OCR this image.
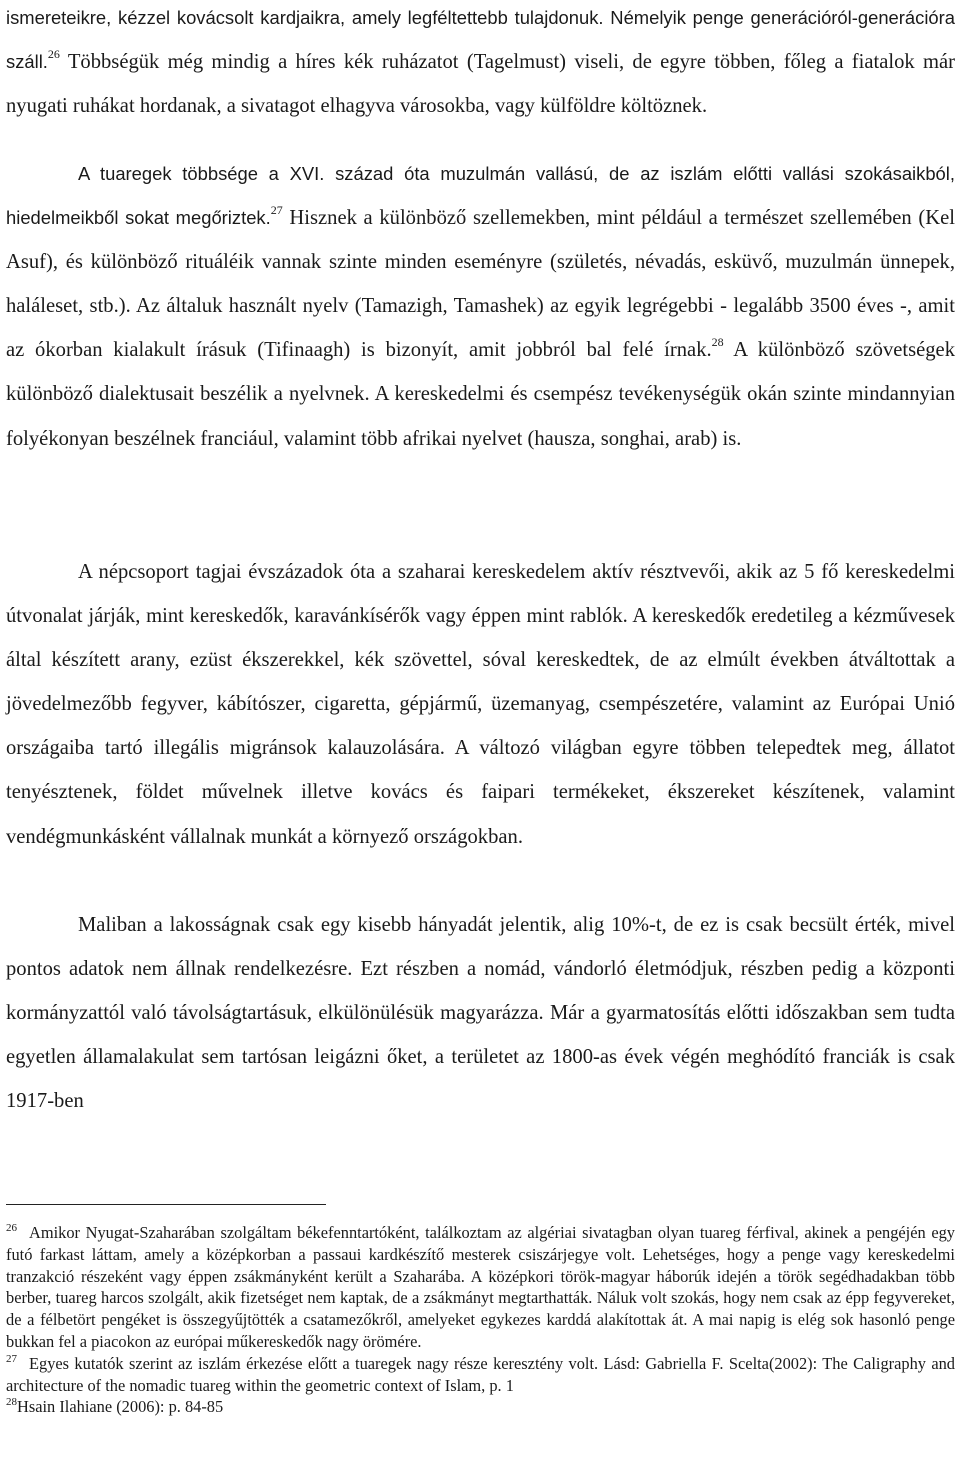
ismereteikre, kézzel kovácsolt kardjaikra, amely legféltettebb tulajdonuk. Némelyik penge generációról-generációra száll.$^{26}$ Többségük még mindig a híres kék ruházatot (Tagelmust) viseli, de egyre többen, főleg a fiatalok már nyugati ruhákat hordanak, a sivatagot elhagyva városokba, vagy külföldre költöznek.

A tuaregek többsége a XVI. század óta muzulmán vallású, de az iszlám előtti vallási szokásaikból, hiedelmeikből sokat megőriztek.$^{27}$ Hisznek a különböző szellemekben, mint például a természet szellemében (Kel Asuf), és különböző rituáléik vannak szinte minden eseményre (születés, névadás, esküvő, muzulmán ünnepek, haláleset, stb.). Az általuk használt nyelv (Tamazigh, Tamashek) az egyik legrégebbi - legalább 3500 éves -, amit az ókorban kialakult írásuk (Tifinaagh) is bizonyít, amit jobbról bal felé írnak.$^{28}$ A különböző szövetségek különböző dialektusait beszélik a nyelvnek. A kereskedelmi és csempész tevékenységük okán szinte mindannyian folyékonyan beszélnek franciául, valamint több afrikai nyelvet (hausza, songhai, arab) is.

A népcsoport tagjai évszázadok óta a szaharai kereskedelem aktív résztvevői, akik az 5 fő kereskedelmi útvonalat járják, mint kereskedők, karavánkísérők vagy éppen mint rablók. A kereskedők eredetileg a kézművesek által készített arany, ezüst ékszerekkel, kék szövettel, sóval kereskedtek, de az elmúlt években átváltottak a jövedelmezőbb fegyver, kábítószer, cigaretta, gépjármű, üzemanyag, csempészetére, valamint az Európai Unió országaiba tartó illegális migránsok kalauzolására. A változó világban egyre többen telepedtek meg, állatot tenyésztenek, földet művelnek illetve kovács és faipari termékeket, ékszereket készítenek, valamint vendégmunkásként vállalnak munkát a környező országokban.

Maliban a lakosságnak csak egy kisebb hányadát jelentik, alig 10%-t, de ez is csak becsült érték, mivel pontos adatok nem állnak rendelkezésre. Ezt részben a nomád, vándorló életmódjuk, részben pedig a központi kormányzattól való távolságtartásuk, elkülönülésük magyarázza. Már a gyarmatosítás előtti időszakban sem tudta egyetlen államalakulat sem tartósan leigázni őket, a területet az 1800-as évek végén meghódító franciák is csak 1917-ben

$^{26}$ Amikor Nyugat-Szaharában szolgáltam békefenntartóként, találkoztam az algériai sivatagban olyan tuareg férfival, akinek a pengéjén egy futó farkast láttam, amely a középkorban a passaui kardkészítő mesterek csiszárjegye volt. Lehetséges, hogy a penge vagy kereskedelmi tranzakció részeként vagy éppen zsákmányként került a Szaharába. A középkori török-magyar háborúk idején a török segédhadakban több berber, tuareg harcos szolgált, akik fizetséget nem kaptak, de a zsákmányt megtarthatták. Náluk volt szokás, hogy nem csak az épp fegyvereket, de a félbetört pengéket is összegyűjtötték a csatamezőkről, amelyeket egykezes karddá alakítottak át. A mai napig is elég sok hasonló penge bukkan fel a piacokon az európai műkereskedők nagy örömére.

$^{27}$ Egyes kutatók szerint az iszlám érkezése előtt a tuaregek nagy része keresztény volt. Lásd: Gabriella F. Scelta(2002): The Caligraphy and architecture of the nomadic tuareg within the geometric context of Islam, p. 1

$^{28}$Hsain Ilahiane (2006): p. 84-85
